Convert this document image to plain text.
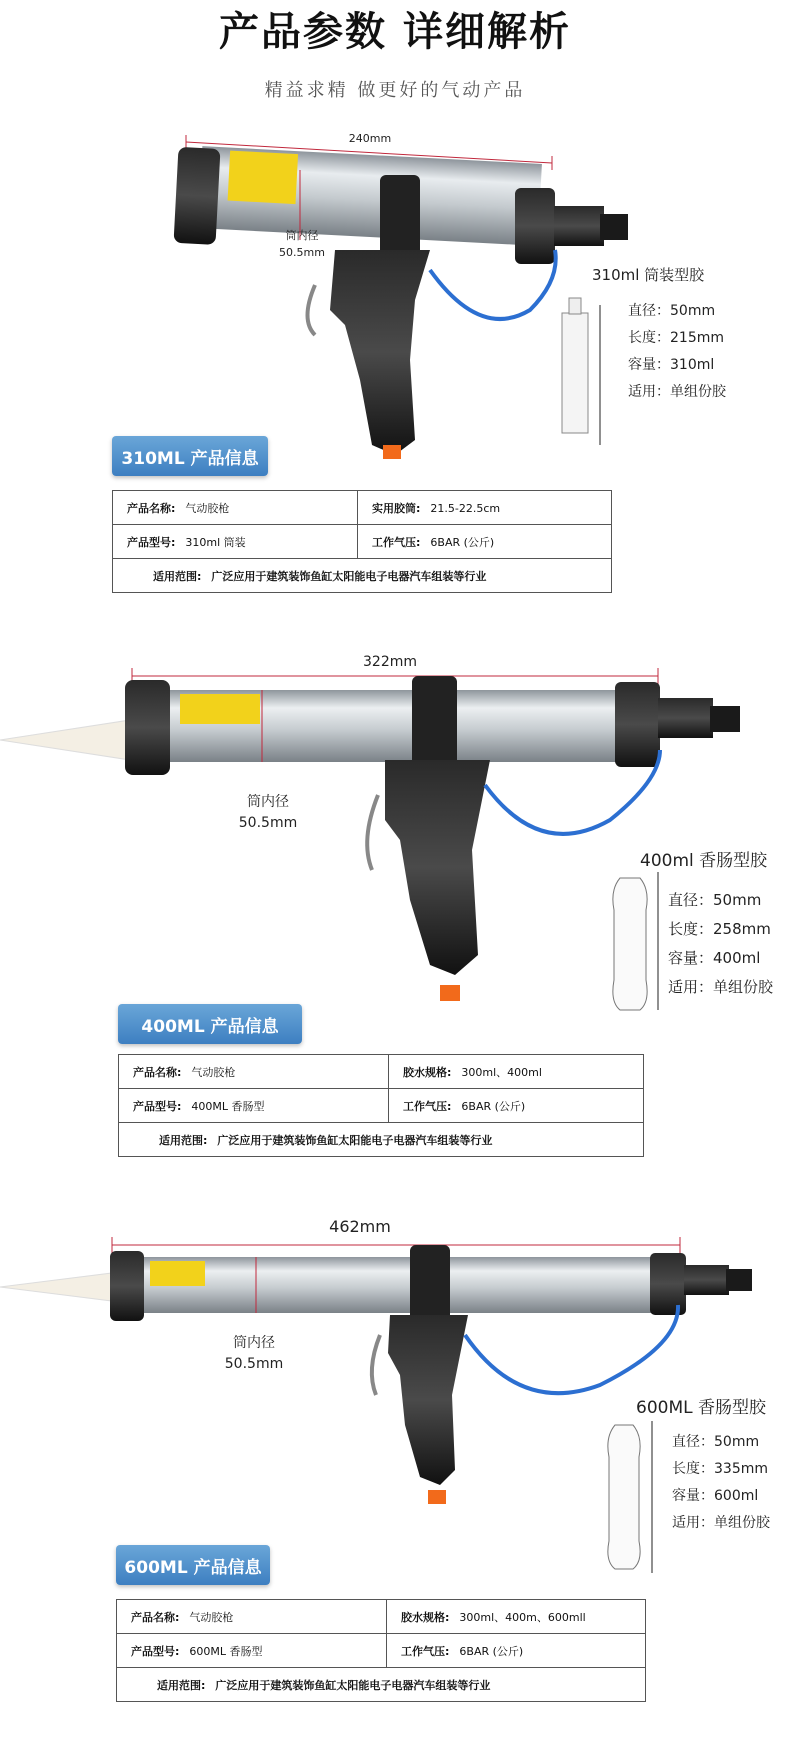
产品参数 详细解析
精益求精 做更好的气动产品
240mm
筒内径
50.5mm
310ml 筒装型胶
直径：50mm
长度：215mm
容量：310ml
适用：单组份胶
310ML 产品信息
产品名称: 气动胶枪	实用胶筒: 21.5-22.5cm
产品型号: 310ml 筒装	工作气压: 6BAR (公斤)
适用范围: 广泛应用于建筑装饰鱼缸太阳能电子电器汽车组装等行业	
322mm
筒内径
50.5mm
400ml 香肠型胶
直径：50mm
长度：258mm
容量：400ml
适用：单组份胶
400ML 产品信息
产品名称: 气动胶枪	胶水规格: 300ml、400ml
产品型号: 400ML 香肠型	工作气压: 6BAR (公斤)
适用范围: 广泛应用于建筑装饰鱼缸太阳能电子电器汽车组装等行业	
462mm
筒内径
50.5mm
600ML 香肠型胶
直径：50mm
长度：335mm
容量：600ml
适用：单组份胶
600ML 产品信息
产品名称: 气动胶枪	胶水规格: 300ml、400m、600mll
产品型号: 600ML 香肠型	工作气压: 6BAR (公斤)
适用范围: 广泛应用于建筑装饰鱼缸太阳能电子电器汽车组装等行业	
